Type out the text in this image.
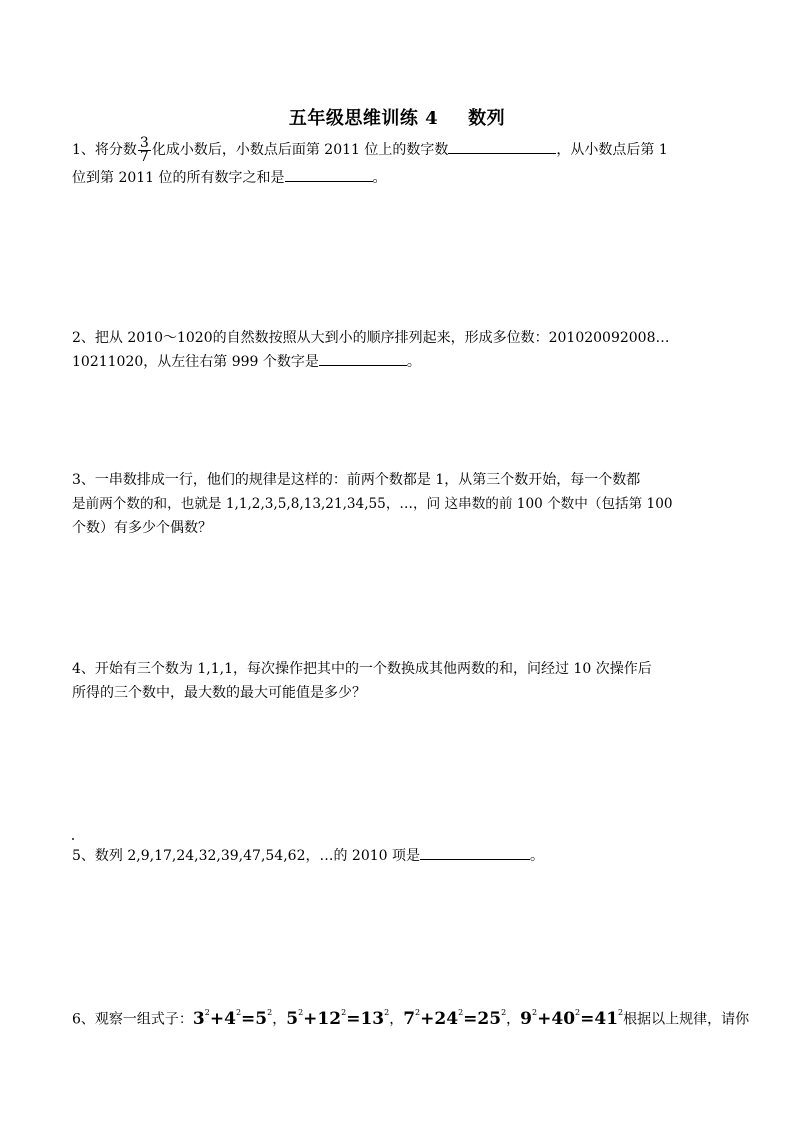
五年级思维训练 4 数列
1、将分数 $\frac{3}{7}$ 化成小数后，小数点后面第 2011 位上的数字数	，从小数点后第 1
位到第 2011 位的所有数字之和是	。
2、把从 2010～1020的自然数按照从大到小的顺序排列起来，形成多位数：201020092008…
10211020，从左往右第 999 个数字是	。
3、一串数排成一行，他们的规律是这样的：前两个数都是 1，从第三个数开始，每一个数都
是前两个数的和，也就是 1,1,2,3,5,8,13,21,34,55，…，问 这串数的前 100 个数中（包括第 100
个数）有多少个偶数？
4、开始有三个数为 1,1,1，每次操作把其中的一个数换成其他两数的和，问经过 10 次操作后
所得的三个数中，最大数的最大可能值是多少？
5、数列 2,9,17,24,32,39,47,54,62，…的 2010 项是	。
6、观察一组式子：$3^2+4^2=5^2$，$5^2+12^2=13^2$，$7^2+24^2=25^2$，$9^2+40^2=41^2$根据以上规律，请你
